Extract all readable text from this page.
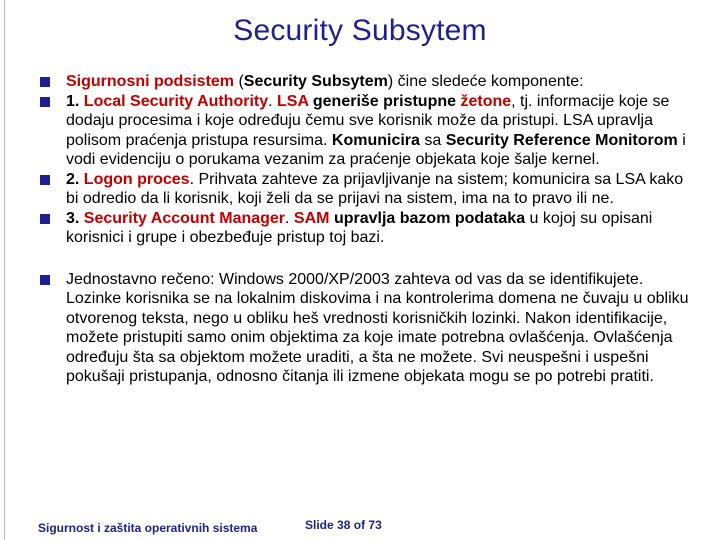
Security Subsytem

Sigurnosni podsistem (Security Subsytem) čine sledeće komponente:

1. Local Security Authority. LSA generiše pristupne žetone, tj. informacije koje se dodaju procesima i koje određuju čemu sve korisnik može da pristupi. LSA upravlja polisom praćenja pristupa resursima. Komunicira sa Security Reference Monitorom i vodi evidenciju o porukama vezanim za praćenje objekata koje šalje kernel.

2. Logon proces. Prihvata zahteve za prijavljivanje na sistem; komunicira sa LSA kako bi odredio da li korisnik, koji želi da se prijavi na sistem, ima na to pravo ili ne.

3. Security Account Manager. SAM upravlja bazom podataka u kojoj su opisani korisnici i grupe i obezbeđuje pristup toj bazi.

Jednostavno rečeno: Windows 2000/XP/2003 zahteva od vas da se identifikujete. Lozinke korisnika se na lokalnim diskovima i na kontrolerima domena ne čuvaju u obliku otvorenog teksta, nego u obliku heš vrednosti korisničkih lozinki. Nakon identifikacije, možete pristupiti samo onim objektima za koje imate potrebna ovlašćenja. Ovlašćenja određuju šta sa objektom možete uraditi, a šta ne možete. Svi neuspešni i uspešni pokušaji pristupanja, odnosno čitanja ili izmene objekata mogu se po potrebi pratiti.

Sigurnost i zaštita operativnih sistema	Slide 38 of 73
